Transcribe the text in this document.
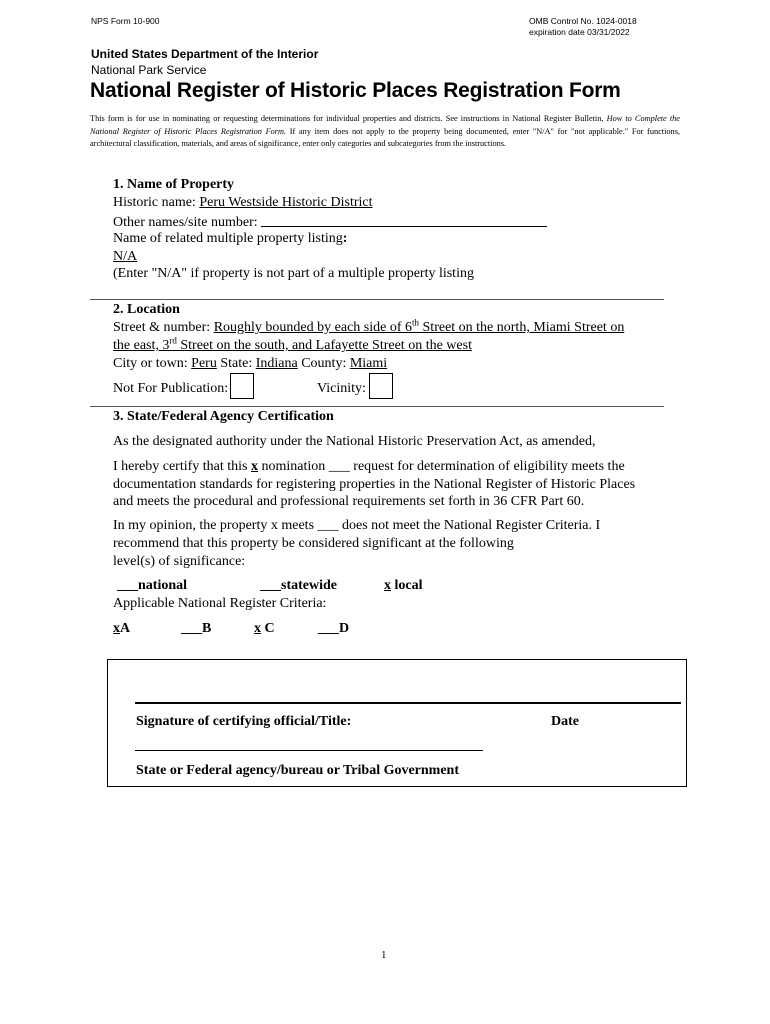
NPS Form 10-900	OMB Control No. 1024-0018
expiration date 03/31/2022
United States Department of the Interior
National Park Service
National Register of Historic Places Registration Form
This form is for use in nominating or requesting determinations for individual properties and districts. See instructions in National Register Bulletin, How to Complete the National Register of Historic Places Registration Form. If any item does not apply to the property being documented, enter "N/A" for "not applicable." For functions, architectural classification, materials, and areas of significance, enter only categories and subcategories from the instructions.
1. Name of Property
Historic name: Peru Westside Historic District
Other names/site number:
Name of related multiple property listing:
N/A
(Enter "N/A" if property is not part of a multiple property listing
2. Location
Street & number: Roughly bounded by each side of 6th Street on the north, Miami Street on
the east, 3rd Street on the south, and Lafayette Street on the west
City or town: Peru State: Indiana County: Miami
Not For Publication:	Vicinity:
3. State/Federal Agency Certification
As the designated authority under the National Historic Preservation Act, as amended,
I hereby certify that this x nomination ___ request for determination of eligibility meets the
documentation standards for registering properties in the National Register of Historic Places
and meets the procedural and professional requirements set forth in 36 CFR Part 60.
In my opinion, the property x meets ___ does not meet the National Register Criteria. I
recommend that this property be considered significant at the following
level(s) of significance:
___national	___statewide	x local
Applicable National Register Criteria:
xA	___B	x C	___D
Signature of certifying official/Title:	Date
State or Federal agency/bureau or Tribal Government
1
